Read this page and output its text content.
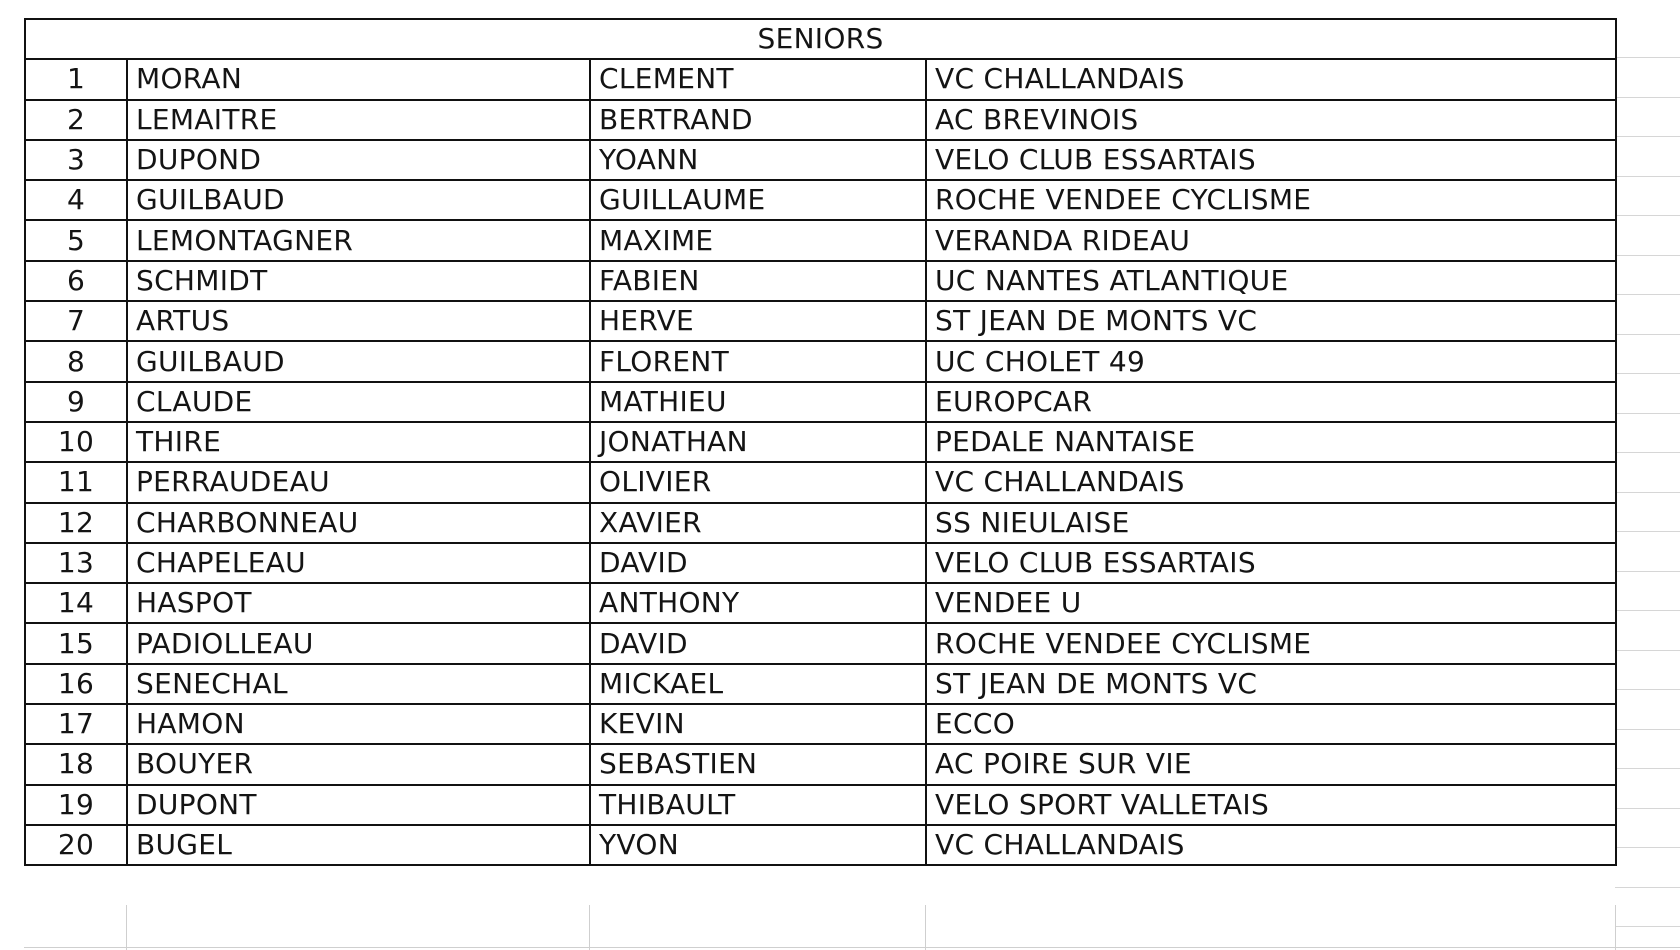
SENIORS			
1	MORAN	CLEMENT	VC CHALLANDAIS
2	LEMAITRE	BERTRAND	AC BREVINOIS
3	DUPOND	YOANN	VELO CLUB ESSARTAIS
4	GUILBAUD	GUILLAUME	ROCHE VENDEE CYCLISME
5	LEMONTAGNER	MAXIME	VERANDA RIDEAU
6	SCHMIDT	FABIEN	UC NANTES ATLANTIQUE
7	ARTUS	HERVE	ST JEAN DE MONTS VC
8	GUILBAUD	FLORENT	UC CHOLET 49
9	CLAUDE	MATHIEU	EUROPCAR
10	THIRE	JONATHAN	PEDALE NANTAISE
11	PERRAUDEAU	OLIVIER	VC CHALLANDAIS
12	CHARBONNEAU	XAVIER	SS NIEULAISE
13	CHAPELEAU	DAVID	VELO CLUB ESSARTAIS
14	HASPOT	ANTHONY	VENDEE U
15	PADIOLLEAU	DAVID	ROCHE VENDEE CYCLISME
16	SENECHAL	MICKAEL	ST JEAN DE MONTS VC
17	HAMON	KEVIN	ECCO
18	BOUYER	SEBASTIEN	AC POIRE SUR VIE
19	DUPONT	THIBAULT	VELO SPORT VALLETAIS
20	BUGEL	YVON	VC CHALLANDAIS
